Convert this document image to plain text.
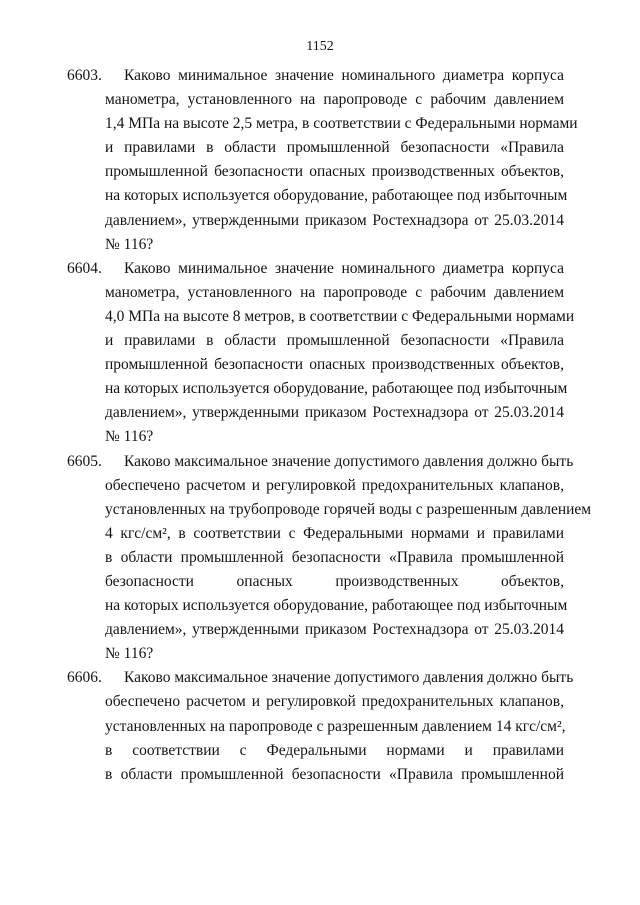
1152
6603.	Каково минимальное значение номинального диаметра корпуса
манометра, установленного на паропроводе с рабочим давлением
1,4 МПа на высоте 2,5 метра, в соответствии с Федеральными нормами
и правилами в области промышленной безопасности «Правила
промышленной безопасности опасных производственных объектов,
на которых используется оборудование, работающее под избыточным
давлением», утвержденными приказом Ростехнадзора от 25.03.2014
№ 116?
6604.	Каково минимальное значение номинального диаметра корпуса
манометра, установленного на паропроводе с рабочим давлением
4,0 МПа на высоте 8 метров, в соответствии с Федеральными нормами
и правилами в области промышленной безопасности «Правила
промышленной безопасности опасных производственных объектов,
на которых используется оборудование, работающее под избыточным
давлением», утвержденными приказом Ростехнадзора от 25.03.2014
№ 116?
6605.	Каково максимальное значение допустимого давления должно быть
обеспечено расчетом и регулировкой предохранительных клапанов,
установленных на трубопроводе горячей воды с разрешенным давлением
4 кгс/см², в соответствии с Федеральными нормами и правилами
в области промышленной безопасности «Правила промышленной
безопасности опасных производственных объектов,
на которых используется оборудование, работающее под избыточным
давлением», утвержденными приказом Ростехнадзора от 25.03.2014
№ 116?
6606.	Каково максимальное значение допустимого давления должно быть
обеспечено расчетом и регулировкой предохранительных клапанов,
установленных на паропроводе с разрешенным давлением 14 кгс/см²,
в соответствии с Федеральными нормами и правилами
в области промышленной безопасности «Правила промышленной
